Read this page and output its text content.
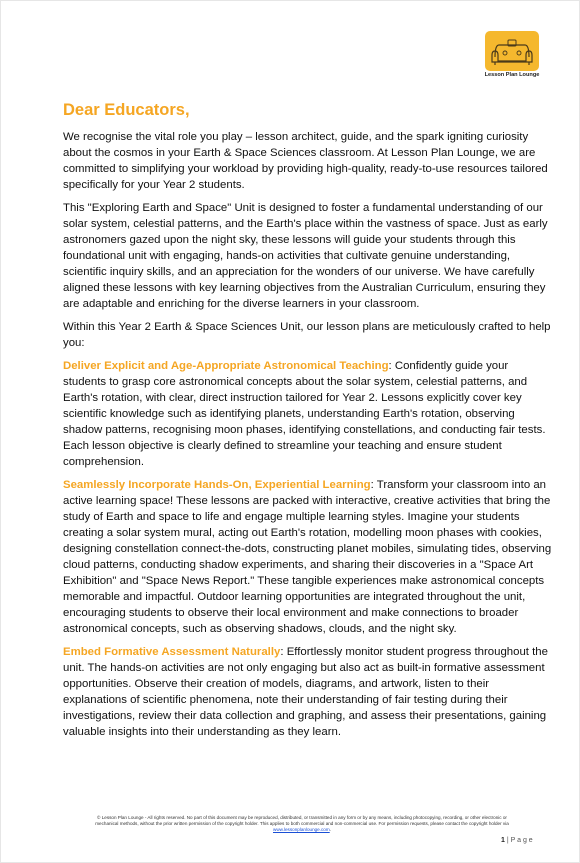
Lesson Plan Lounge
Dear Educators,

We recognise the vital role you play – lesson architect, guide, and the spark igniting curiosity about the cosmos in your Earth & Space Sciences classroom. At Lesson Plan Lounge, we are committed to simplifying your workload by providing high-quality, ready-to-use resources tailored specifically for your Year 2 students.

This "Exploring Earth and Space" Unit is designed to foster a fundamental understanding of our solar system, celestial patterns, and the Earth's place within the vastness of space. Just as early astronomers gazed upon the night sky, these lessons will guide your students through this foundational unit with engaging, hands-on activities that cultivate genuine understanding, scientific inquiry skills, and an appreciation for the wonders of our universe. We have carefully aligned these lessons with key learning objectives from the Australian Curriculum, ensuring they are adaptable and enriching for the diverse learners in your classroom.

Within this Year 2 Earth & Space Sciences Unit, our lesson plans are meticulously crafted to help you:

Deliver Explicit and Age-Appropriate Astronomical Teaching: Confidently guide your students to grasp core astronomical concepts about the solar system, celestial patterns, and Earth's rotation, with clear, direct instruction tailored for Year 2. Lessons explicitly cover key scientific knowledge such as identifying planets, understanding Earth's rotation, observing shadow patterns, recognising moon phases, identifying constellations, and conducting fair tests. Each lesson objective is clearly defined to streamline your teaching and ensure student comprehension.

Seamlessly Incorporate Hands-On, Experiential Learning: Transform your classroom into an active learning space! These lessons are packed with interactive, creative activities that bring the study of Earth and space to life and engage multiple learning styles. Imagine your students creating a solar system mural, acting out Earth's rotation, modelling moon phases with cookies, designing constellation connect-the-dots, constructing planet mobiles, simulating tides, observing cloud patterns, conducting shadow experiments, and sharing their discoveries in a "Space Art Exhibition" and "Space News Report." These tangible experiences make astronomical concepts memorable and impactful. Outdoor learning opportunities are integrated throughout the unit, encouraging students to observe their local environment and make connections to broader astronomical concepts, such as observing shadows, clouds, and the night sky.

Embed Formative Assessment Naturally: Effortlessly monitor student progress throughout the unit. The hands-on activities are not only engaging but also act as built-in formative assessment opportunities. Observe their creation of models, diagrams, and artwork, listen to their explanations of scientific phenomena, note their understanding of fair testing during their investigations, review their data collection and graphing, and assess their presentations, gaining valuable insights into their understanding as they learn.

© Lesson Plan Lounge - All rights reserved. No part of this document may be reproduced, distributed, or transmitted in any form or by any means, including photocopying, recording, or other electronic or
mechanical methods, without the prior written permission of the copyright holder. This applies to both commercial and non-commercial use. For permission requests, please contact the copyright holder via
www.lessonplanlounge.com.
1 | P a g e
